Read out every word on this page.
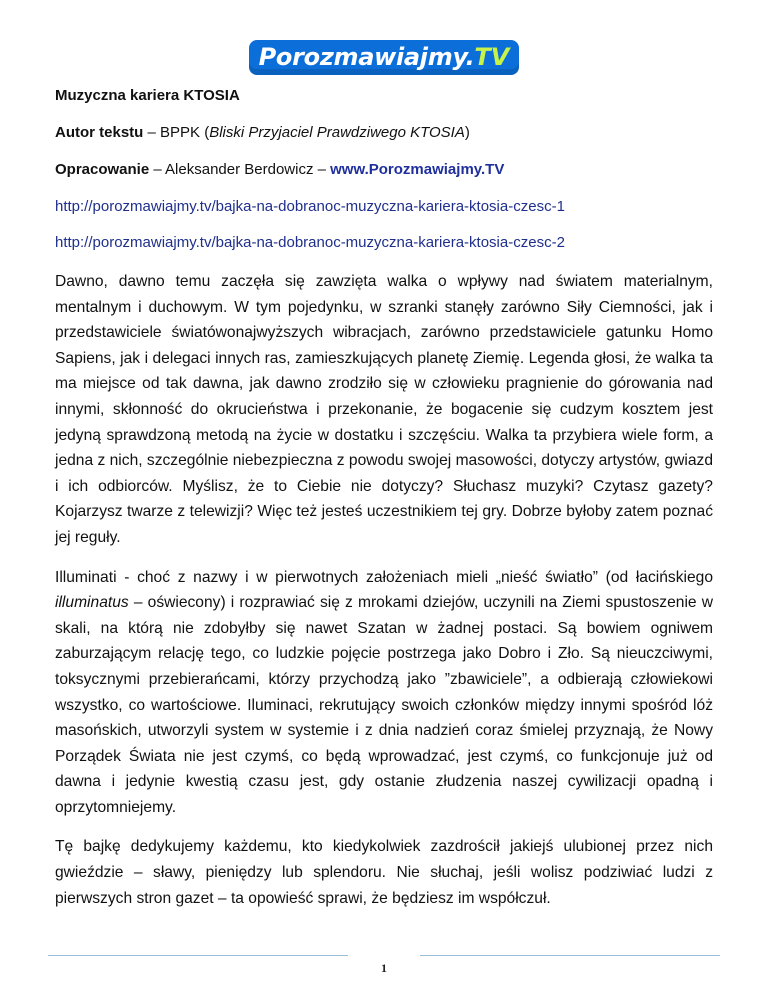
Porozmawiajmy.TV

Muzyczna kariera KTOSIA

Autor tekstu – BPPK (Bliski Przyjaciel Prawdziwego KTOSIA)

Opracowanie – Aleksander Berdowicz – www.Porozmawiajmy.TV

http://porozmawiajmy.tv/bajka-na-dobranoc-muzyczna-kariera-ktosia-czesc-1

http://porozmawiajmy.tv/bajka-na-dobranoc-muzyczna-kariera-ktosia-czesc-2

Dawno, dawno temu zaczęła się zawzięta walka o wpływy nad światem materialnym, mentalnym i duchowym. W tym pojedynku, w szranki stanęły zarówno Siły Ciemności, jak i przedstawiciele światówonajwyższych wibracjach, zarówno przedstawiciele gatunku Homo Sapiens, jak i delegaci innych ras, zamieszkujących planetę Ziemię. Legenda głosi, że walka ta ma miejsce od tak dawna, jak dawno zrodziło się w człowieku pragnienie do górowania nad innymi, skłonność do okrucieństwa i przekonanie, że bogacenie się cudzym kosztem jest jedyną sprawdzoną metodą na życie w dostatku i szczęściu. Walka ta przybiera wiele form, a jedna z nich, szczególnie niebezpieczna z powodu swojej masowości, dotyczy artystów, gwiazd i ich odbiorców. Myślisz, że to Ciebie nie dotyczy? Słuchasz muzyki? Czytasz gazety? Kojarzysz twarze z telewizji? Więc też jesteś uczestnikiem tej gry. Dobrze byłoby zatem poznać jej reguły.

Illuminati - choć z nazwy i w pierwotnych założeniach mieli „nieść światło” (od łacińskiego illuminatus – oświecony) i rozprawiać się z mrokami dziejów, uczynili na Ziemi spustoszenie w skali, na którą nie zdobyłby się nawet Szatan w żadnej postaci. Są bowiem ogniwem zaburzającym relację tego, co ludzkie pojęcie postrzega jako Dobro i Zło. Są nieuczciwymi, toksycznymi przebierańcami, którzy przychodzą jako ”zbawiciele”, a odbierają człowiekowi wszystko, co wartościowe. Iluminaci, rekrutujący swoich członków między innymi spośród lóż masońskich, utworzyli system w systemie i z dnia nadzień coraz śmielej przyznają, że Nowy Porządek Świata nie jest czymś, co będą wprowadzać, jest czymś, co funkcjonuje już od dawna i jedynie kwestią czasu jest, gdy ostanie złudzenia naszej cywilizacji opadną i oprzytomniejemy.

Tę bajkę dedykujemy każdemu, kto kiedykolwiek zazdrościł jakiejś ulubionej przez nich gwieździe – sławy, pieniędzy lub splendoru. Nie słuchaj, jeśli wolisz podziwiać ludzi z pierwszych stron gazet – ta opowieść sprawi, że będziesz im współczuł.

1
